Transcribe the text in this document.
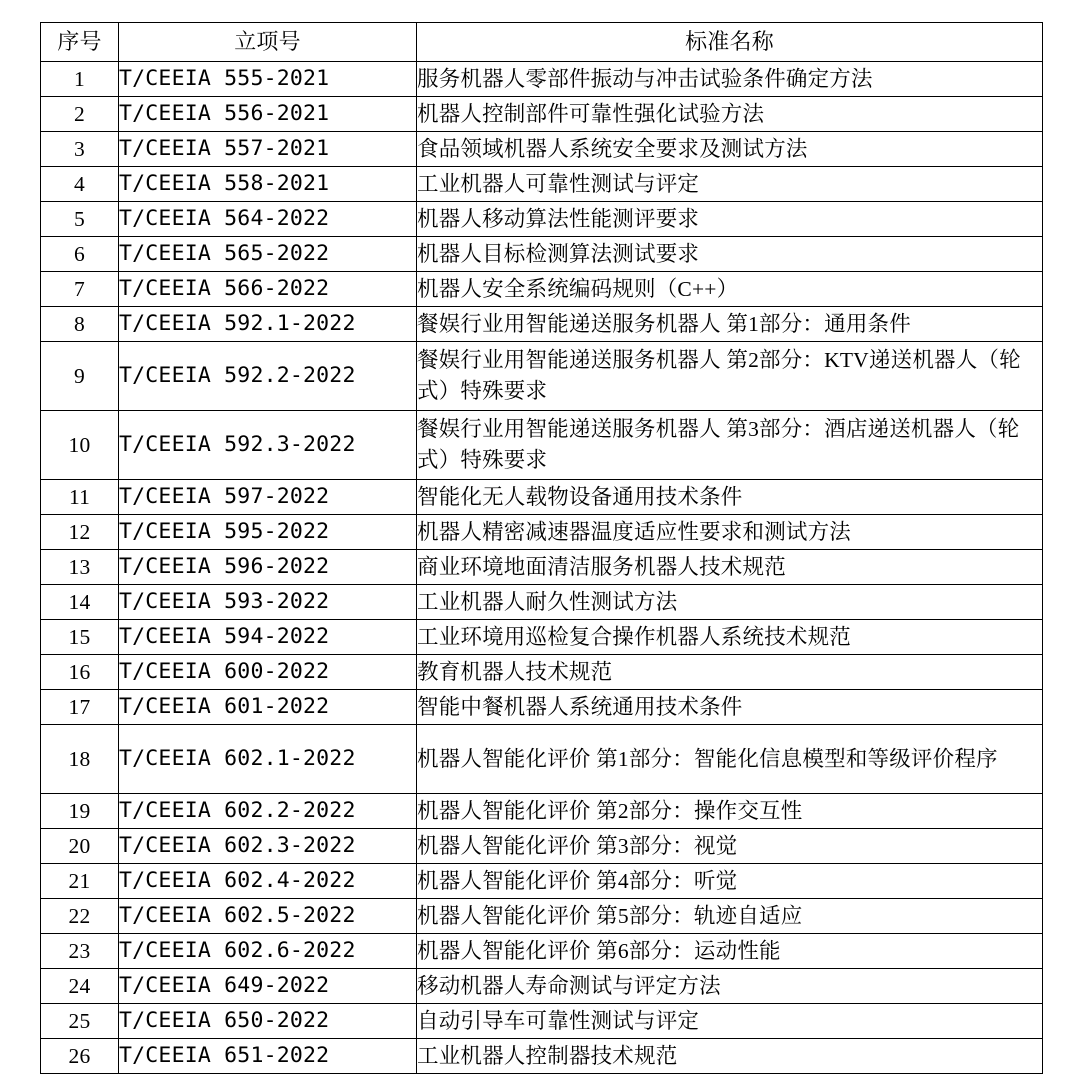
序号	立项号	标准名称
1	T/CEEIA 555-2021	服务机器人零部件振动与冲击试验条件确定方法
2	T/CEEIA 556-2021	机器人控制部件可靠性强化试验方法
3	T/CEEIA 557-2021	食品领域机器人系统安全要求及测试方法
4	T/CEEIA 558-2021	工业机器人可靠性测试与评定
5	T/CEEIA 564-2022	机器人移动算法性能测评要求
6	T/CEEIA 565-2022	机器人目标检测算法测试要求
7	T/CEEIA 566-2022	机器人安全系统编码规则（C++）
8	T/CEEIA 592.1-2022	餐娱行业用智能递送服务机器人 第1部分：通用条件
9	T/CEEIA 592.2-2022	餐娱行业用智能递送服务机器人 第2部分：KTV递送机器人（轮式）特殊要求
10	T/CEEIA 592.3-2022	餐娱行业用智能递送服务机器人 第3部分：酒店递送机器人（轮式）特殊要求
11	T/CEEIA 597-2022	智能化无人载物设备通用技术条件
12	T/CEEIA 595-2022	机器人精密减速器温度适应性要求和测试方法
13	T/CEEIA 596-2022	商业环境地面清洁服务机器人技术规范
14	T/CEEIA 593-2022	工业机器人耐久性测试方法
15	T/CEEIA 594-2022	工业环境用巡检复合操作机器人系统技术规范
16	T/CEEIA 600-2022	教育机器人技术规范
17	T/CEEIA 601-2022	智能中餐机器人系统通用技术条件
18	T/CEEIA 602.1-2022	机器人智能化评价 第1部分：智能化信息模型和等级评价程序
19	T/CEEIA 602.2-2022	机器人智能化评价 第2部分：操作交互性
20	T/CEEIA 602.3-2022	机器人智能化评价 第3部分：视觉
21	T/CEEIA 602.4-2022	机器人智能化评价 第4部分：听觉
22	T/CEEIA 602.5-2022	机器人智能化评价 第5部分：轨迹自适应
23	T/CEEIA 602.6-2022	机器人智能化评价 第6部分：运动性能
24	T/CEEIA 649-2022	移动机器人寿命测试与评定方法
25	T/CEEIA 650-2022	自动引导车可靠性测试与评定
26	T/CEEIA 651-2022	工业机器人控制器技术规范
